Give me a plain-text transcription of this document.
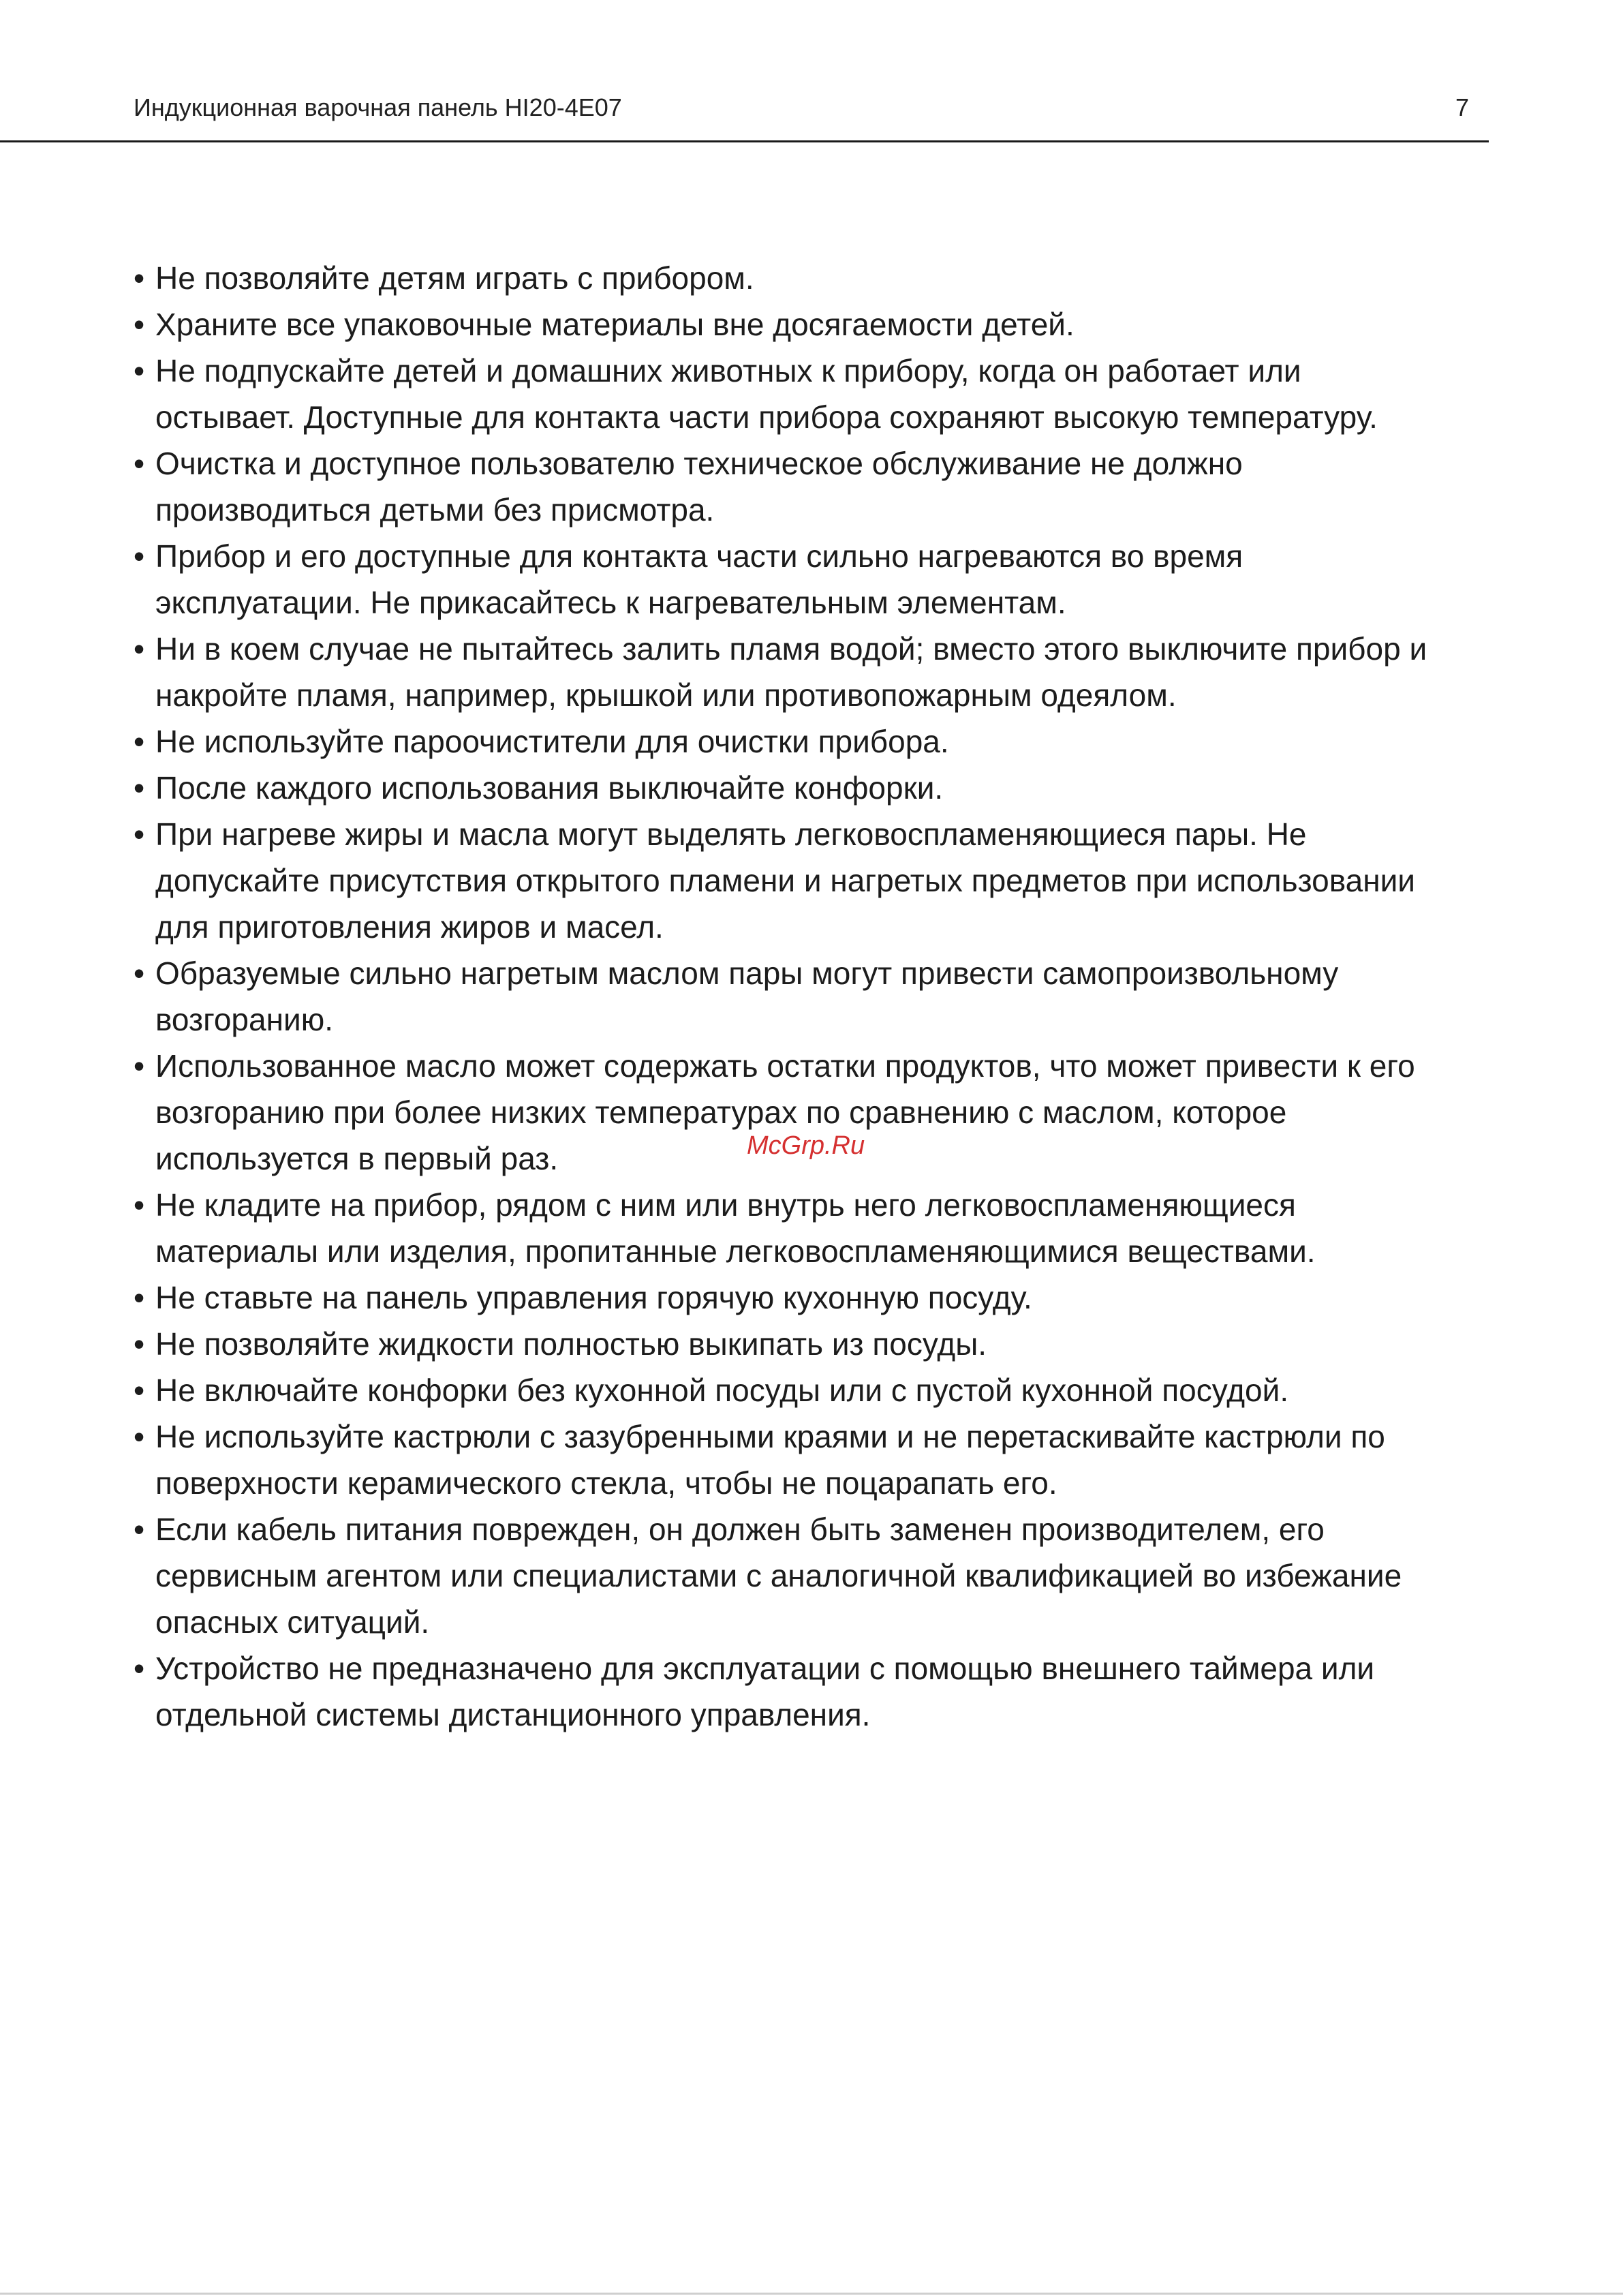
Индукционная варочная панель HI20-4E07	7
• Не позволяйте детям играть с прибором.
• Храните все упаковочные материалы вне досягаемости детей.
• Не подпускайте детей и домашних животных к прибору, когда он работает или остывает. Доступные для контакта части прибора сохраняют высокую температуру.
• Очистка и доступное пользователю техническое обслуживание не должно производиться детьми без присмотра.
• Прибор и его доступные для контакта части сильно нагреваются во время эксплуатации. Не прикасайтесь к нагревательным элементам.
• Ни в коем случае не пытайтесь залить пламя водой; вместо этого выключите прибор и накройте пламя, например, крышкой или противопожарным одеялом.
• Не используйте пароочистители для очистки прибора.
• После каждого использования выключайте конфорки.
• При нагреве жиры и масла могут выделять легковоспламеняющиеся пары. Не допускайте присутствия открытого пламени и нагретых предметов при использовании для приготовления жиров и масел.
• Образуемые сильно нагретым маслом пары могут привести самопроизвольному возгоранию.
• Использованное масло может содержать остатки продуктов, что может привести к его возгоранию при более низких температурах по сравнению с маслом, которое используется в первый раз.
• Не кладите на прибор, рядом с ним или внутрь него легковоспламеняющиеся материалы или изделия, пропитанные легковоспламеняющимися веществами.
• Не ставьте на панель управления горячую кухонную посуду.
• Не позволяйте жидкости полностью выкипать из посуды.
• Не включайте конфорки без кухонной посуды или с пустой кухонной посудой.
• Не используйте кастрюли с зазубренными краями и не перетаскивайте кастрюли по поверхности керамического стекла, чтобы не поцарапать его.
• Если кабель питания поврежден, он должен быть заменен производителем, его сервисным агентом или специалистами с аналогичной квалификацией во избежание опасных ситуаций.
• Устройство не предназначено для эксплуатации с помощью внешнего таймера или отдельной системы дистанционного управления.
McGrp.Ru
